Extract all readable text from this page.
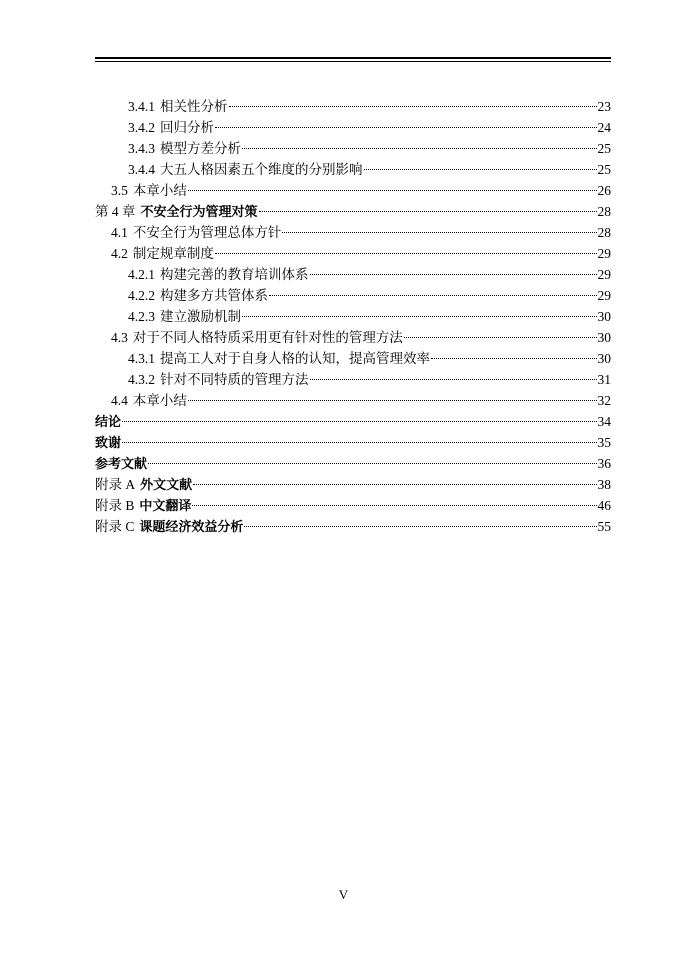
3.4.1 相关性分析	23
3.4.2 回归分析	24
3.4.3 模型方差分析	25
3.4.4 大五人格因素五个维度的分别影响	25
3.5 本章小结	26
第 4 章 不安全行为管理对策	28
4.1 不安全行为管理总体方针	28
4.2 制定规章制度	29
4.2.1 构建完善的教育培训体系	29
4.2.2 构建多方共管体系	29
4.2.3 建立激励机制	30
4.3 对于不同人格特质采用更有针对性的管理方法	30
4.3.1 提高工人对于自身人格的认知，提高管理效率	30
4.3.2 针对不同特质的管理方法	31
4.4 本章小结	32
结论	34
致谢	35
参考文献	36
附录 A 外文文献	38
附录 B 中文翻译	46
附录 C 课题经济效益分析	55
V
